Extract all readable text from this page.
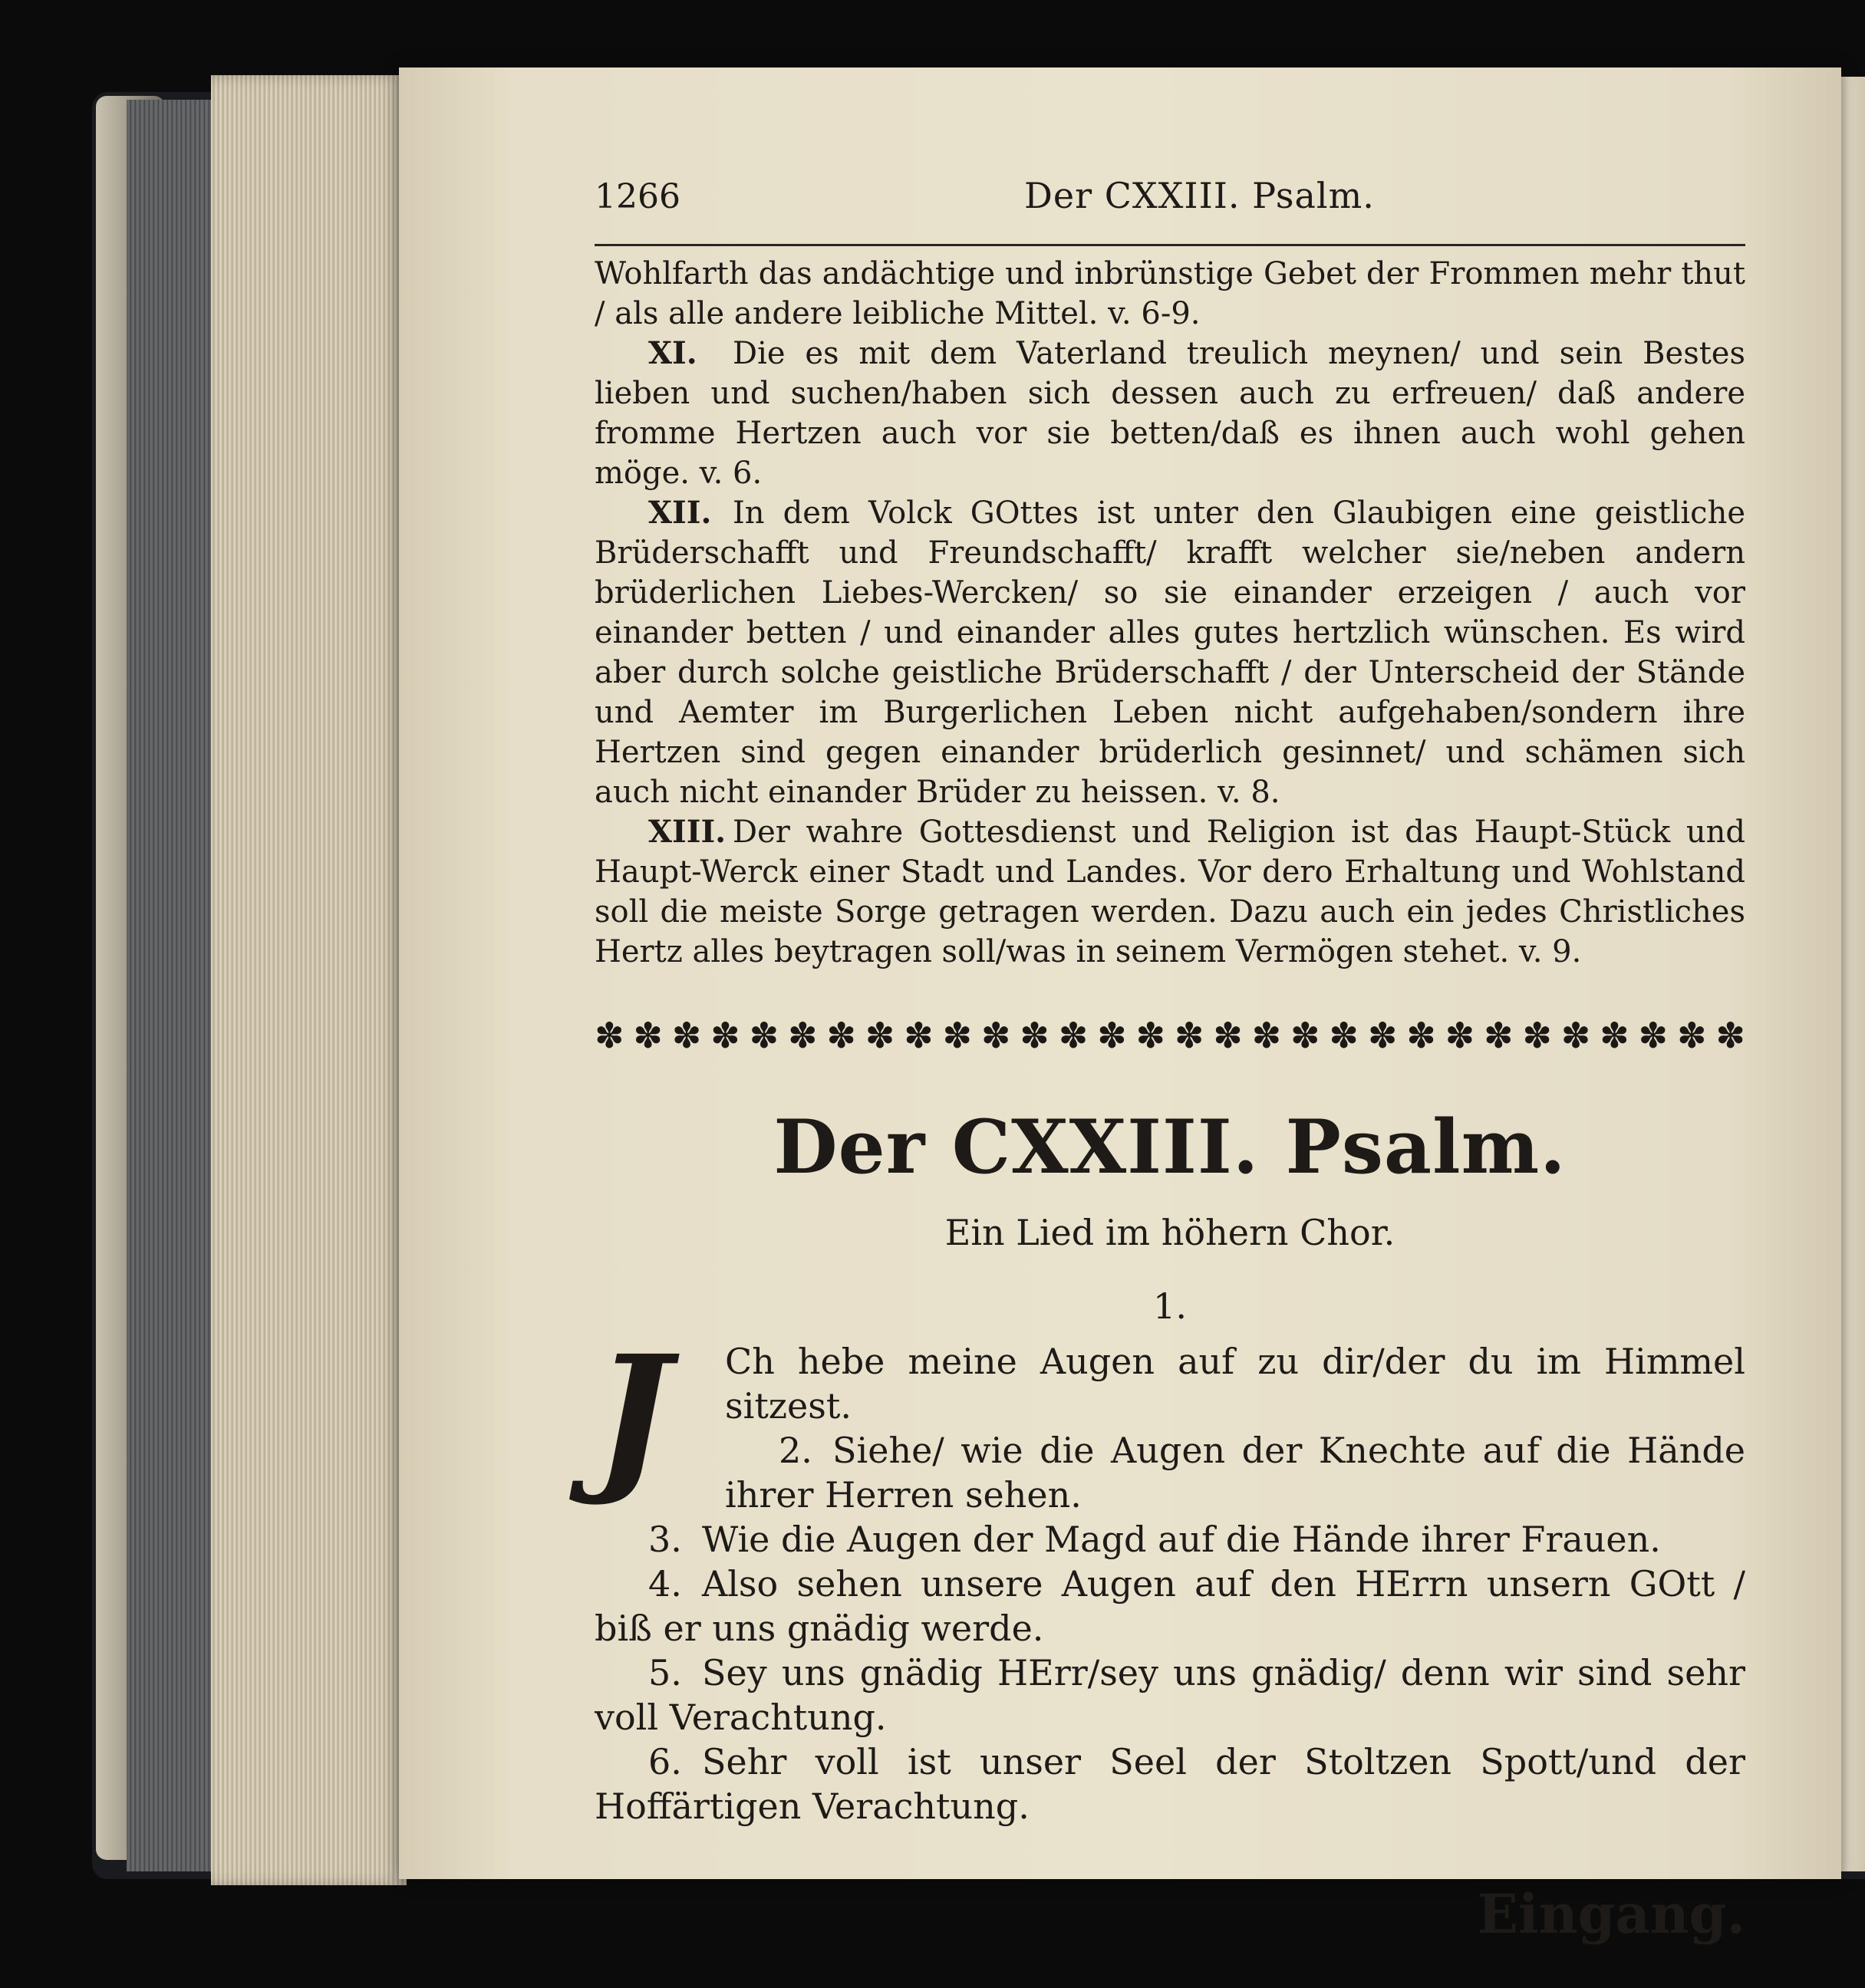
1266	Der CXXIII. Psalm.

Wohlfarth das andächtige und inbrünstige Gebet der Frommen mehr thut / als alle andere leibliche Mittel. v. 6-9.

XI. Die es mit dem Vaterland treulich meynen/ und sein Bestes lieben und suchen/haben sich dessen auch zu erfreuen/ daß andere fromme Hertzen auch vor sie betten/daß es ihnen auch wohl gehen möge. v. 6.

XII. In dem Volck GOttes ist unter den Glaubigen eine geistliche Brüderschafft und Freundschafft/ krafft welcher sie/neben andern brüderlichen Liebes-Wercken/ so sie einander erzeigen / auch vor einander betten / und einander alles gutes hertzlich wünschen. Es wird aber durch solche geistliche Brüderschafft / der Unterscheid der Stände und Aemter im Burgerlichen Leben nicht aufgehaben/sondern ihre Hertzen sind gegen einander brüderlich gesinnet/ und schämen sich auch nicht einander Brüder zu heissen. v. 8.

XIII. Der wahre Gottesdienst und Religion ist das Haupt-Stück und Haupt-Werck einer Stadt und Landes. Vor dero Erhaltung und Wohlstand soll die meiste Sorge getragen werden. Dazu auch ein jedes Christliches Hertz alles beytragen soll/was in seinem Vermögen stehet. v. 9.

✽ ✽ ✽ ✽ ✽ ✽ ✽ ✽ ✽ ✽ ✽ ✽ ✽ ✽ ✽ ✽ ✽ ✽ ✽ ✽ ✽ ✽ ✽ ✽ ✽ ✽ ✽ ✽ ✽ ✽
Der CXXIII. Psalm.
Ein Lied im höhern Chor.
1.
J	Ch hebe meine Augen auf zu dir/der du im Himmel sitzest.

2. Siehe/ wie die Augen der Knechte auf die Hände ihrer Herren sehen.

3. Wie die Augen der Magd auf die Hände ihrer Frauen.

4. Also sehen unsere Augen auf den HErrn unsern GOtt / biß er uns gnädig werde.

5. Sey uns gnädig HErr/sey uns gnädig/ denn wir sind sehr voll Verachtung.

6. Sehr voll ist unser Seel der Stoltzen Spott/und der Hoffärtigen Verachtung.

Eingang.
